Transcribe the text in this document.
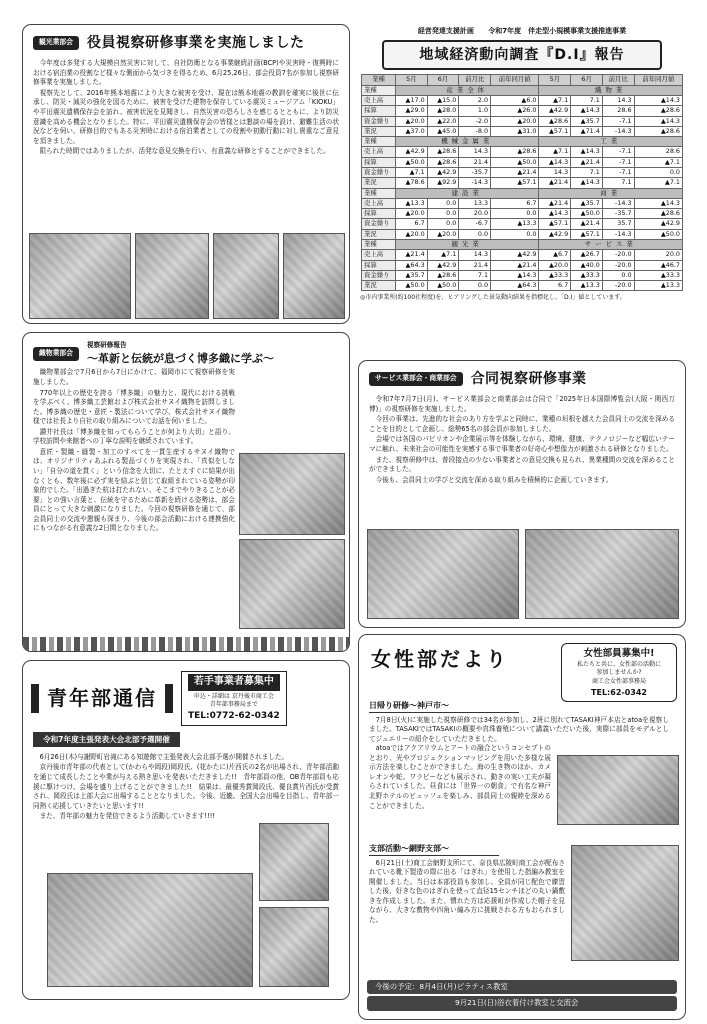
観光業部会	役員視察研修事業を実施しました

今年度は多発する大規模自然災害に対して、自社防衛となる事業継続計画(BCP)や災害時・復興時における宿泊業の役割など様々な側面から気づきを得るため、6月25,26日、部会役員7名が参加し視察研修事業を実施しました。

視察先として、2016年熊本地震により大きな被害を受け、現在は熊本地震の教訓を確実に後世に伝承し、防災・減災の強化を図るために、被害を受けた建物を保存している震災ミュージアム「KIOKU」や平田震災遺構保存会を訪れ、被害状況を見聞きし、自然災害の恐ろしさを感じるとともに、より防災意識を高める機会となりました。特に、平田震災遺構保存会の皆様とは懇談の場を設け、避難生活の状況などを伺い、研修目的でもある災害時における宿泊業者としての役割や初動行動に対し貴重なご意見を頂きました。

限られた時間ではありましたが、活発な意見交換を行い、有意義な研修とすることができました。

織物業部会
視察研修報告
～革新と伝統が息づく博多織に学ぶ～

織物業部会で7月6日から7日にかけて、福岡市にて視察研修を実施しました。

770年以上の歴史を誇る「博多織」の魅力と、現代における挑戦を学ぶべく、博多織工芸館および株式会社サヌイ織物を訪問しました。博多織の歴史・意匠・製法について学び、株式会社サヌイ織物様では社長より自社の取り組みについてお話を伺いました。

讃井社長は「博多織を知ってもらうことが何より大切」と語り、学校訪問や来館者への丁寧な説明を継続されています。

意匠・製織・縫製・加工のすべてを一貫生産するサヌイ織物では、オリジナリティあふれる製品づくりを実現され、「真似をしない」「自分の道を貫く」という信念を大切に、たとえすぐに結果が出なくとも、数年後に必ず実を結ぶと信じて取組まれている姿勢が印象的でした。「出過ぎた杭は打たれない、そこまでやりきることが必要」との強い言葉と、伝統を守るために革新を続ける姿勢は、部会員にとって大きな刺激になりました。今回の視察研修を通じて、部会員同士の交流や懇親も深まり、今後の部会活動における連携強化にもつながる有意義な2日間となりました。

青年部通信
若手事業者募集中
申込・詳細は 京丹後市商工会
青年部事務局まで
TEL:0772-62-0342
令和7年度主張発表大会北部予選開催

6月26日(木)与謝野町岩滝にある知遊館で主張発表大会北部予選が開催されました。

京丹後市青年部の代表として(かわらや岡段)岡段氏、(花かたに)片西氏の2名が出場され、青年部活動を通じて成長したことや業が与える熱き思いを発表いただきました!!　青年部員の他、OB青年部員も応援に駆けつけ、会場を盛り上げることができました!!　結果は、最優秀賞岡段氏、優良賞片西氏が受賞され、岡段氏は上部大会に出場することとなりました。今後、近畿、全国大会出場を目指し、青年部一同熱く応援していきたいと思います!!

また、青年部の魅力を発信できるよう活動していきます!!!!

経営発達支援計画 令和7年度　伴走型小規模事業支援推進事業
地域経済動向調査『D.I』報告
業種	5月	6月	前月比	前年同月値	5月	6月	前月比	前年同月値
業種	産業全体				織物業			
売上高	▲17.0	▲15.0	2.0	▲6.0	▲7.1	7.1	14.3	▲14.3
採算	▲29.0	▲28.0	1.0	▲26.0	▲42.9	▲14.3	28.6	▲28.6
資金繰り	▲20.0	▲22.0	-2.0	▲20.0	▲28.6	▲35.7	-7.1	▲14.3
業況	▲37.0	▲45.0	-8.0	▲31.0	▲57.1	▲71.4	-14.3	▲28.6
業種	機械金属業				工業			
売上高	▲42.9	▲28.6	14.3	▲28.6	▲7.1	▲14.3	-7.1	28.6
採算	▲50.0	▲28.6	21.4	▲50.0	▲14.3	▲21.4	-7.1	▲7.1
資金繰り	▲7.1	▲42.9	-35.7	▲21.4	14.3	7.1	-7.1	0.0
業況	▲78.6	▲92.9	-14.3	▲57.1	▲21.4	▲14.3	7.1	▲7.1
業種	建設業				商業			
売上高	▲13.3	0.0	13.3	6.7	▲21.4	▲35.7	-14.3	▲14.3
採算	▲20.0	0.0	20.0	0.0	▲14.3	▲50.0	-35.7	▲28.6
資金繰り	6.7	0.0	-6.7	▲13.3	▲57.1	▲21.4	35.7	▲42.9
業況	▲20.0	▲20.0	0.0	0.0	▲42.9	▲57.1	-14.3	▲50.0
業種	観光業				サービス業			
売上高	▲21.4	▲7.1	14.3	▲42.9	▲6.7	▲26.7	-20.0	20.0
採算	▲64.3	▲42.9	21.4	▲21.4	▲20.0	▲40.0	-20.0	▲46.7
資金繰り	▲35.7	▲28.6	7.1	▲14.3	▲33.3	▲33.3	0.0	▲33.3
業況	▲50.0	▲50.0	0.0	▲64.3	6.7	▲13.3	-20.0	▲13.3
◎市内事業所(約100社程度)を、ヒアリングした景気動向結果を指標化し、「D.I」値としています。
サービス業部会・商業部会	合同視察研修事業

令和7年7月7日(月)、サービス業部会と商業部会は合同で「2025年日本国際博覧会(大阪・関西万博)」の視察研修を実施しました。

今回の事業は、先進的な社会のあり方を学ぶと同時に、業種の垣根を越えた会員同士の交流を深めることを目的として企画し、総勢65名の部会員が参加しました。

会場では各国のパビリオンや企業展示等を体験しながら、環境、健康、テクノロジーなど幅広いテーマに触れ、未来社会の可能性を実感する事で事業者の好奇心や想像力が刺激される研修となりました。

また、視察研修中は、普段接点の少ない事業者との意見交換も見られ、異業種間の交流を深めることができました。

今後も、会員同士の学びと交流を深める取り組みを積極的に企画していきます。

女性部だより	女性部員募集中!
私たちと共に、女性部の活動に
参加しませんか?
商工会女性部事務局
TEL:62-0342
日帰り研修～神戸市～

7月8日(火)に実施した視察研修では34名が参加し、2班に別れてTASAKI神戸本店とatoaを視察しました。TASAKIではTASAKIの概要や真珠養殖について講義いただいた後、実際に部員をモデルとしてジュエリーの紹介をしていただきました。

atoaではアクアリウムとアートの融合というコンセプトのとおり、光やプロジェクションマッピングを用いた多様な展示方法を楽しむことができました。海の生き物のほか、カメレオンや蛇、ワラビーなども展示され、動きの実い工夫が凝らされていました。昼食には「世界一の朝食」で有名な神戸北野ホテルのビュッフェを楽しみ、部員同士の親睦を深めることができました。

支部活動～網野支部～

6月21日(土)商工会網野支所にて、奈良県広陵町商工会が配布されている靴下製造の際に出る「はぎれ」を使用した指編み教室を開催しました。当日は本部役員も参加し、全員が同じ配色で練習した後、好きな色のはぎれを使って直径15センチほどの丸い鍋敷きを作成しました。また、慣れた方は応援町が作成した帽子を見ながら、大きな敷物や四角い編み方に挑戦される方もおられました。

今後の予定：8月4日(月)ピラティス教室
9月21日(日)浴衣着付け教室と交流会
